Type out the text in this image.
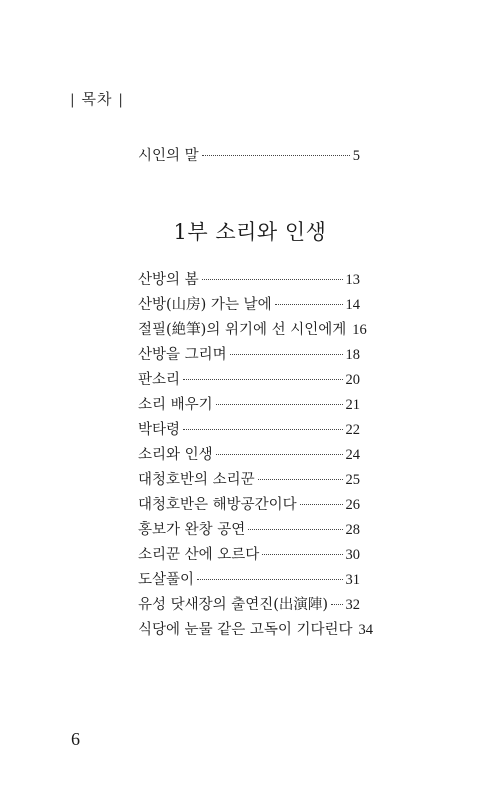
| 목차 |
시인의 말	5
1부 소리와 인생
산방의 봄	13
산방(山房) 가는 날에	14
절필(絶筆)의 위기에 선 시인에게 16
산방을 그리며	18
판소리	20
소리 배우기	21
박타령	22
소리와 인생	24
대청호반의 소리꾼	25
대청호반은 해방공간이다	26
홍보가 완창 공연	28
소리꾼 산에 오르다	30
도살풀이	31
유성 닷새장의 출연진(出演陣) 32
식당에 눈물 같은 고독이 기다린다 34
6
